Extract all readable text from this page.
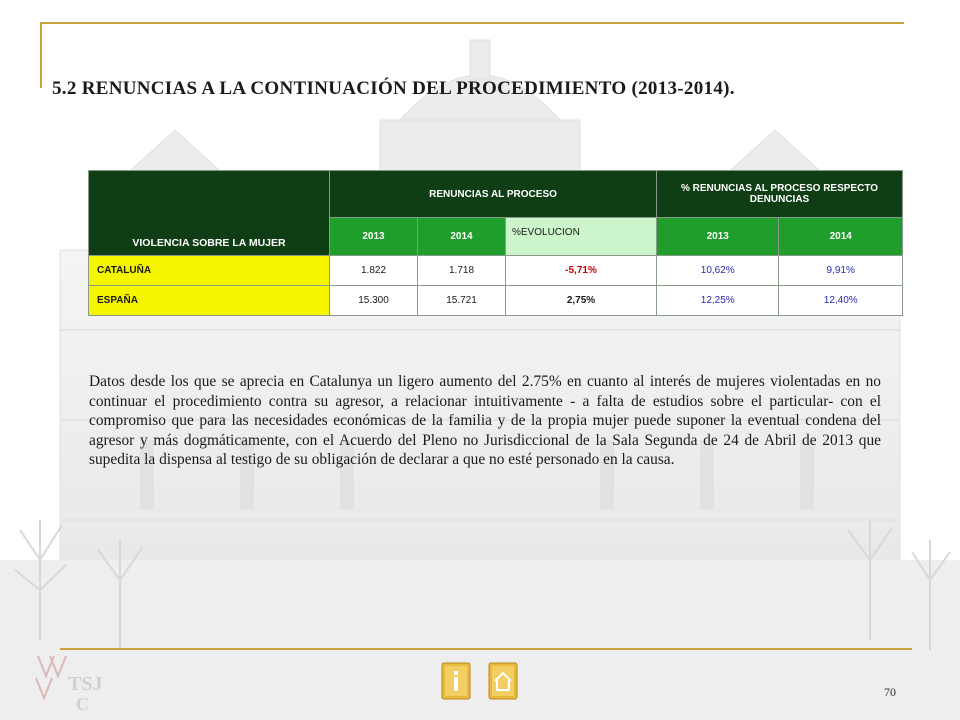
5.2 RENUNCIAS A LA CONTINUACIÓN DEL PROCEDIMIENTO (2013-2014).
VIOLENCIA SOBRE LA MUJER	RENUNCIAS AL PROCESO			% RENUNCIAS AL PROCESO RESPECTO DENUNCIAS	
	2013	2014	%EVOLUCION	2013	2014
CATALUÑA	1.822	1.718	-5,71%	10,62%	9,91%
ESPAÑA	15.300	15.721	2,75%	12,25%	12,40%
Datos desde los que se aprecia en Catalunya un ligero aumento del 2.75% en cuanto al interés de mujeres violentadas en no continuar el procedimiento contra su agresor, a relacionar intuitivamente - a falta de estudios sobre el particular- con el compromiso que para las necesidades económicas de la familia y de la propia mujer puede suponer la eventual condena del agresor y más dogmáticamente, con el Acuerdo del Pleno no Jurisdiccional de la Sala Segunda de 24 de Abril de 2013 que supedita la dispensa al testigo de su obligación de declarar a que no esté personado en la causa.
TSJ
C
70
